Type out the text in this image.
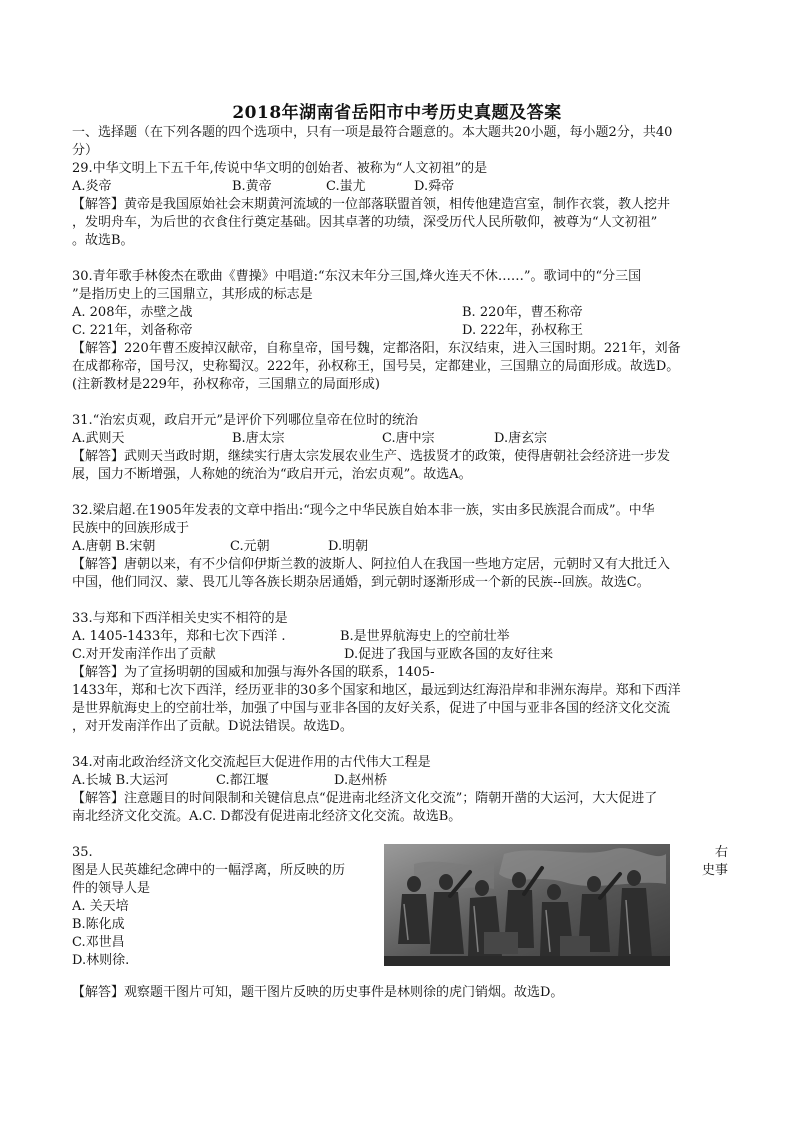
2018年湖南省岳阳市中考历史真题及答案
一、选择题（在下列各题的四个选项中，只有一项是最符合题意的。本大题共20小题，每小题2分，共40
分）
29.中华文明上下五千年,传说中华文明的创始者、被称为“人文初祖”的是
A.炎帝	B.黄帝	C.蚩尤	D.舜帝
【解答】黄帝是我国原始社会末期黄河流域的一位部落联盟首领，相传他建造宫室，制作衣裳，教人挖井
，发明舟车，为后世的衣食住行奠定基础。因其卓著的功绩，深受历代人民所敬仰，被尊为“人文初祖”
。故选B。
30.青年歌手林俊杰在歌曲《曹操》中唱道:“东汉末年分三国,烽火连天不休……”。歌词中的“分三国
”是指历史上的三国鼎立，其形成的标志是
A. 208年，赤壁之战	B. 220年，曹丕称帝
C. 221年，刘备称帝	D. 222年，孙权称王
【解答】220年曹丕废掉汉献帝，自称皇帝，国号魏，定都洛阳，东汉结束，进入三国时期。221年，刘备
在成都称帝，国号汉，史称蜀汉。222年，孙权称王，国号吴，定都建业，三国鼎立的局面形成。故选D。
(注新教材是229年，孙权称帝，三国鼎立的局面形成)
31.“治宏贞观，政启开元”是评价下列哪位皇帝在位时的统治
A.武则天	B.唐太宗	C.唐中宗	D.唐玄宗
【解答】武则天当政时期，继续实行唐太宗发展农业生产、选拔贤才的政策，使得唐朝社会经济进一步发
展，国力不断增强，人称她的统治为“政启开元，治宏贞观”。故选A。
32.梁启超.在1905年发表的文章中指出:“现今之中华民族自始本非一族，实由多民族混合而成”。中华
民族中的回族形成于
A.唐朝 B.宋朝	C.元朝	D.明朝
【解答】唐朝以来，有不少信仰伊斯兰教的波斯人、阿拉伯人在我国一些地方定居，元朝时又有大批迁入
中国，他们同汉、蒙、畏兀儿等各族长期杂居通婚，到元朝时逐渐形成一个新的民族--回族。故选C。
33.与郑和下西洋相关史实不相符的是
A. 1405-1433年，郑和七次下西洋 .	B.是世界航海史上的空前壮举
C.对开发南洋作出了贡献	D.促进了我国与亚欧各国的友好往来
【解答】为了宣扬明朝的国威和加强与海外各国的联系，1405-
1433年，郑和七次下西洋，经历亚非的30多个国家和地区，最远到达红海沿岸和非洲东海岸。郑和下西洋
是世界航海史上的空前壮举，加强了中国与亚非各国的友好关系，促进了中国与亚非各国的经济文化交流
，对开发南洋作出了贡献。D说法错误。故选D。
34.对南北政治经济文化交流起巨大促进作用的古代伟大工程是
A.长城 B.大运河	C.都江堰	D.赵州桥
【解答】注意题目的时间限制和关键信息点“促进南北经济文化交流”；隋朝开凿的大运河，大大促进了
南北经济文化交流。A.C. D都没有促进南北经济文化交流。故选B。
35.
图是人民英雄纪念碑中的一幅浮离，所反映的历
件的领导人是
A. 关天培
B.陈化成
C.邓世昌
D.林则徐.
右
史事
【解答】观察题干图片可知，题干图片反映的历史事件是林则徐的虎门销烟。故选D。
